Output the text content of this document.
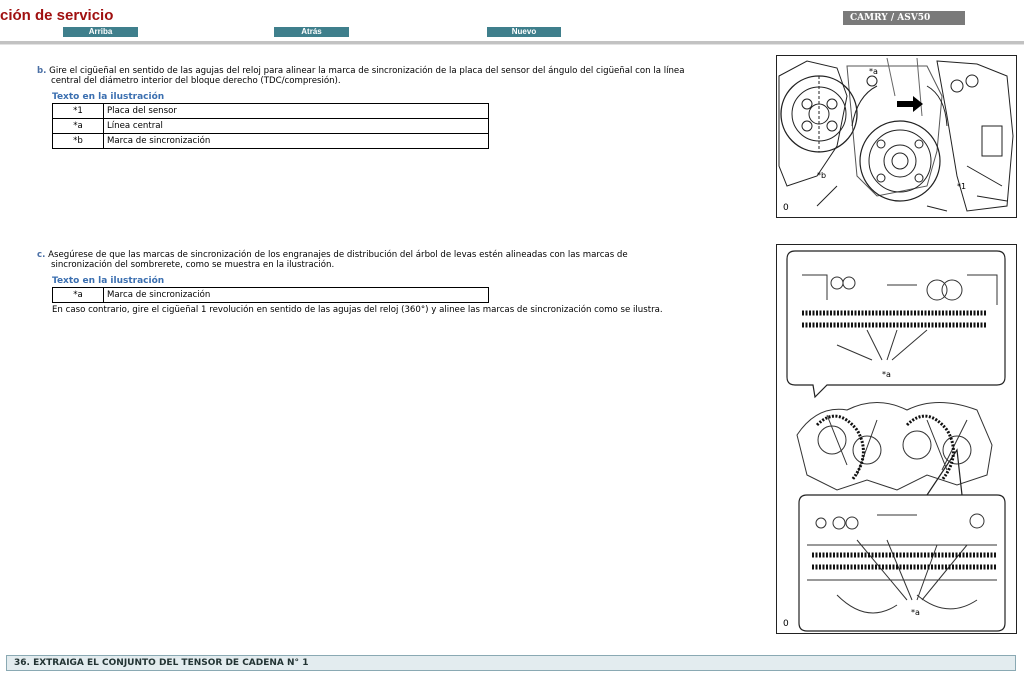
ción de servicio
Arriba	Atrás	Nuevo
CAMRY / ASV50
b. Gire el cigüeñal en sentido de las agujas del reloj para alinear la marca de sincronización de la placa del sensor del ángulo del cigüeñal con la línea
central del diámetro interior del bloque derecho (TDC/compresión).
Texto en la ilustración
*1	Placa del sensor
*a	Línea central
*b	Marca de sincronización
*a
*b
*1
0
c. Asegúrese de que las marcas de sincronización de los engranajes de distribución del árbol de levas estén alineadas con las marcas de
sincronización del sombrerete, como se muestra en la ilustración.
Texto en la ilustración
*a	Marca de sincronización
En caso contrario, gire el cigüeñal 1 revolución en sentido de las agujas del reloj (360°) y alinee las marcas de sincronización como se ilustra.
*a
*a
0
36. EXTRAIGA EL CONJUNTO DEL TENSOR DE CADENA N° 1
